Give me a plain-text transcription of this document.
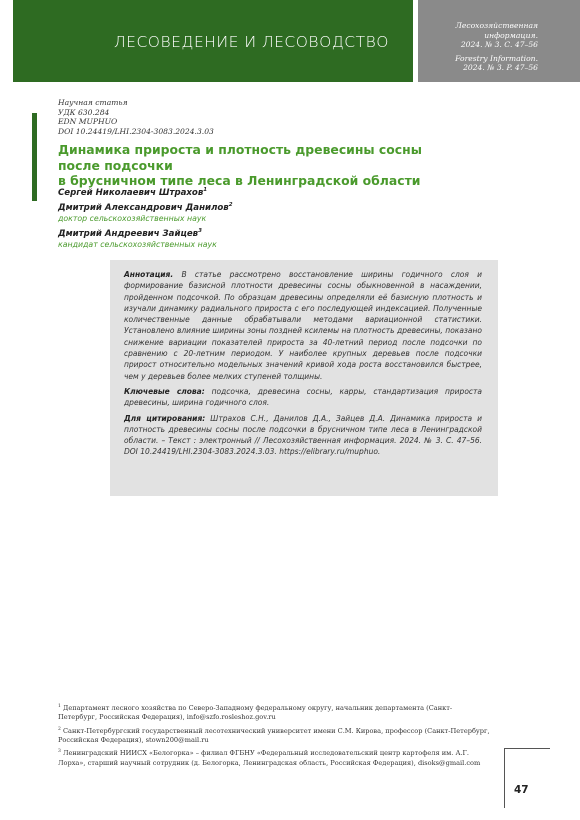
ЛЕСОВЕДЕНИЕ И ЛЕСОВОДСТВО
Лесохозяйственная информация.
2024. № 3. С. 47–56
Forestry Information.
2024. № 3. P. 47–56
Научная статья
УДК 630.284
EDN MUPHUO
DOI 10.24419/LHI.2304-3083.2024.3.03
Динамика прироста и плотность древесины сосны после подсочки
в брусничном типе леса в Ленинградской области
Сергей Николаевич Штрахов$^1$
Дмитрий Александрович Данилов$^2$
доктор сельскохозяйственных наук
Дмитрий Андреевич Зайцев$^3$
кандидат сельскохозяйственных наук

Аннотация. В статье рассмотрено восстановление ширины годичного слоя и формирование базисной плотности древесины сосны обыкновенной в насаждении, пройденном подсочкой. По образцам древесины определяли её базисную плотность и изучали динамику радиального прироста с его последующей индексацией. Полученные количественные данные обрабатывали методами вариационной статистики. Установлено влияние ширины зоны поздней ксилемы на плотность древесины, показано снижение вариации показателей прироста за 40-летний период после подсочки по сравнению с 20-летним периодом. У наиболее крупных деревьев после подсочки прирост относительно модельных значений кривой хода роста восстановился быстрее, чем у деревьев более мелких ступеней толщины.

Ключевые слова: подсочка, древесина сосны, карры, стандартизация прироста древесины, ширина годичного слоя.

Для цитирования: Штрахов С.Н., Данилов Д.А., Зайцев Д.А. Динамика прироста и плотность древесины сосны после подсочки в брусничном типе леса в Ленинградской области. – Текст : электронный // Лесохозяйственная информация. 2024. № 3. С. 47–56. DOI 10.24419/LHI.2304-3083.2024.3.03. https://elibrary.ru/muphuo.

$^1$ Департамент лесного хозяйства по Северо-Западному федеральному округу, начальник департамента (Санкт-Петербург, Российская Федерация), info@szfo.rosleshoz.gov.ru

$^2$ Санкт-Петербургский государственный лесотехнический университет имени С.М. Кирова, профессор (Санкт-Петербург, Российская Федерация), stown200@mail.ru

$^3$ Ленинградский НИИСХ «Белогорка» – филиал ФГБНУ «Федеральный исследовательский центр картофеля им. А.Г. Лорха», старший научный сотрудник (д. Белогорка, Ленинградская область, Российская Федерация), disoks@gmail.com

47
